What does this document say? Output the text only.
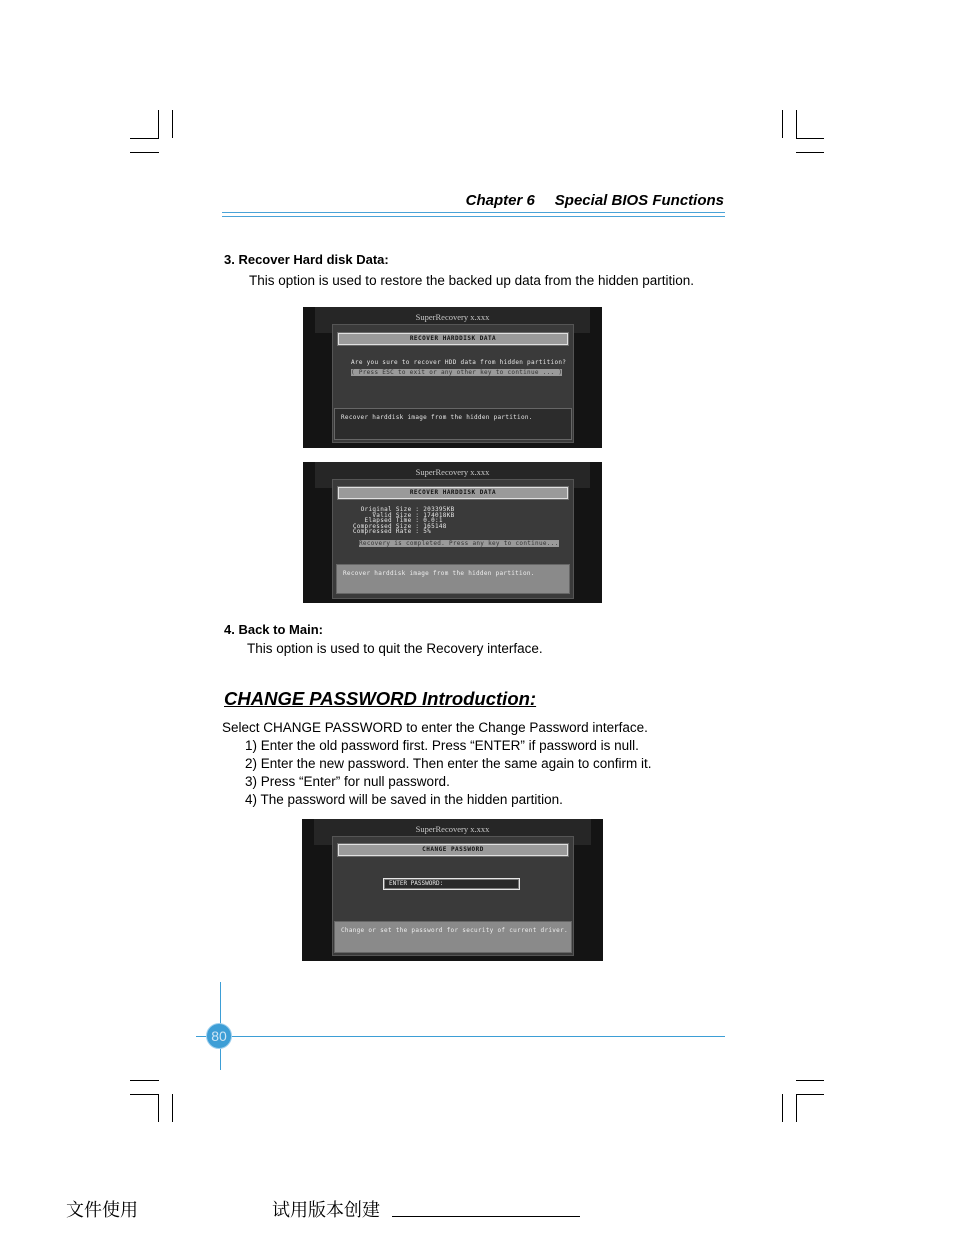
Chapter 6 Special BIOS Functions
3. Recover Hard disk Data:
This option is used to restore the backed up data from the hidden partition.
SuperRecovery x.xxx
RECOVER HARDDISK DATA
Are you sure to recover HDD data from hidden partition?
( Press ESC to exit or any other key to continue ... )
Recover harddisk image from the hidden partition.
SuperRecovery x.xxx
RECOVER HARDDISK DATA
Original Size : 203395KB
Valid Size : 174018KB
Elapsed Time : 0.0:1
Compressed Size : 165148
Compressed Rate : 5%
Recovery is completed. Press any key to continue...
Recover harddisk image from the hidden partition.
4. Back to Main:
This option is used to quit the Recovery interface.
CHANGE PASSWORD Introduction:
Select CHANGE PASSWORD to enter the Change Password interface.
1) Enter the old password first. Press “ENTER” if password is null.
2) Enter the new password. Then enter the same again to confirm it.
3) Press “Enter” for null password.
4) The password will be saved in the hidden partition.
SuperRecovery x.xxx
CHANGE PASSWORD
ENTER PASSWORD:
Change or set the password for security of current driver.
80
文件使用	试用版本创建
